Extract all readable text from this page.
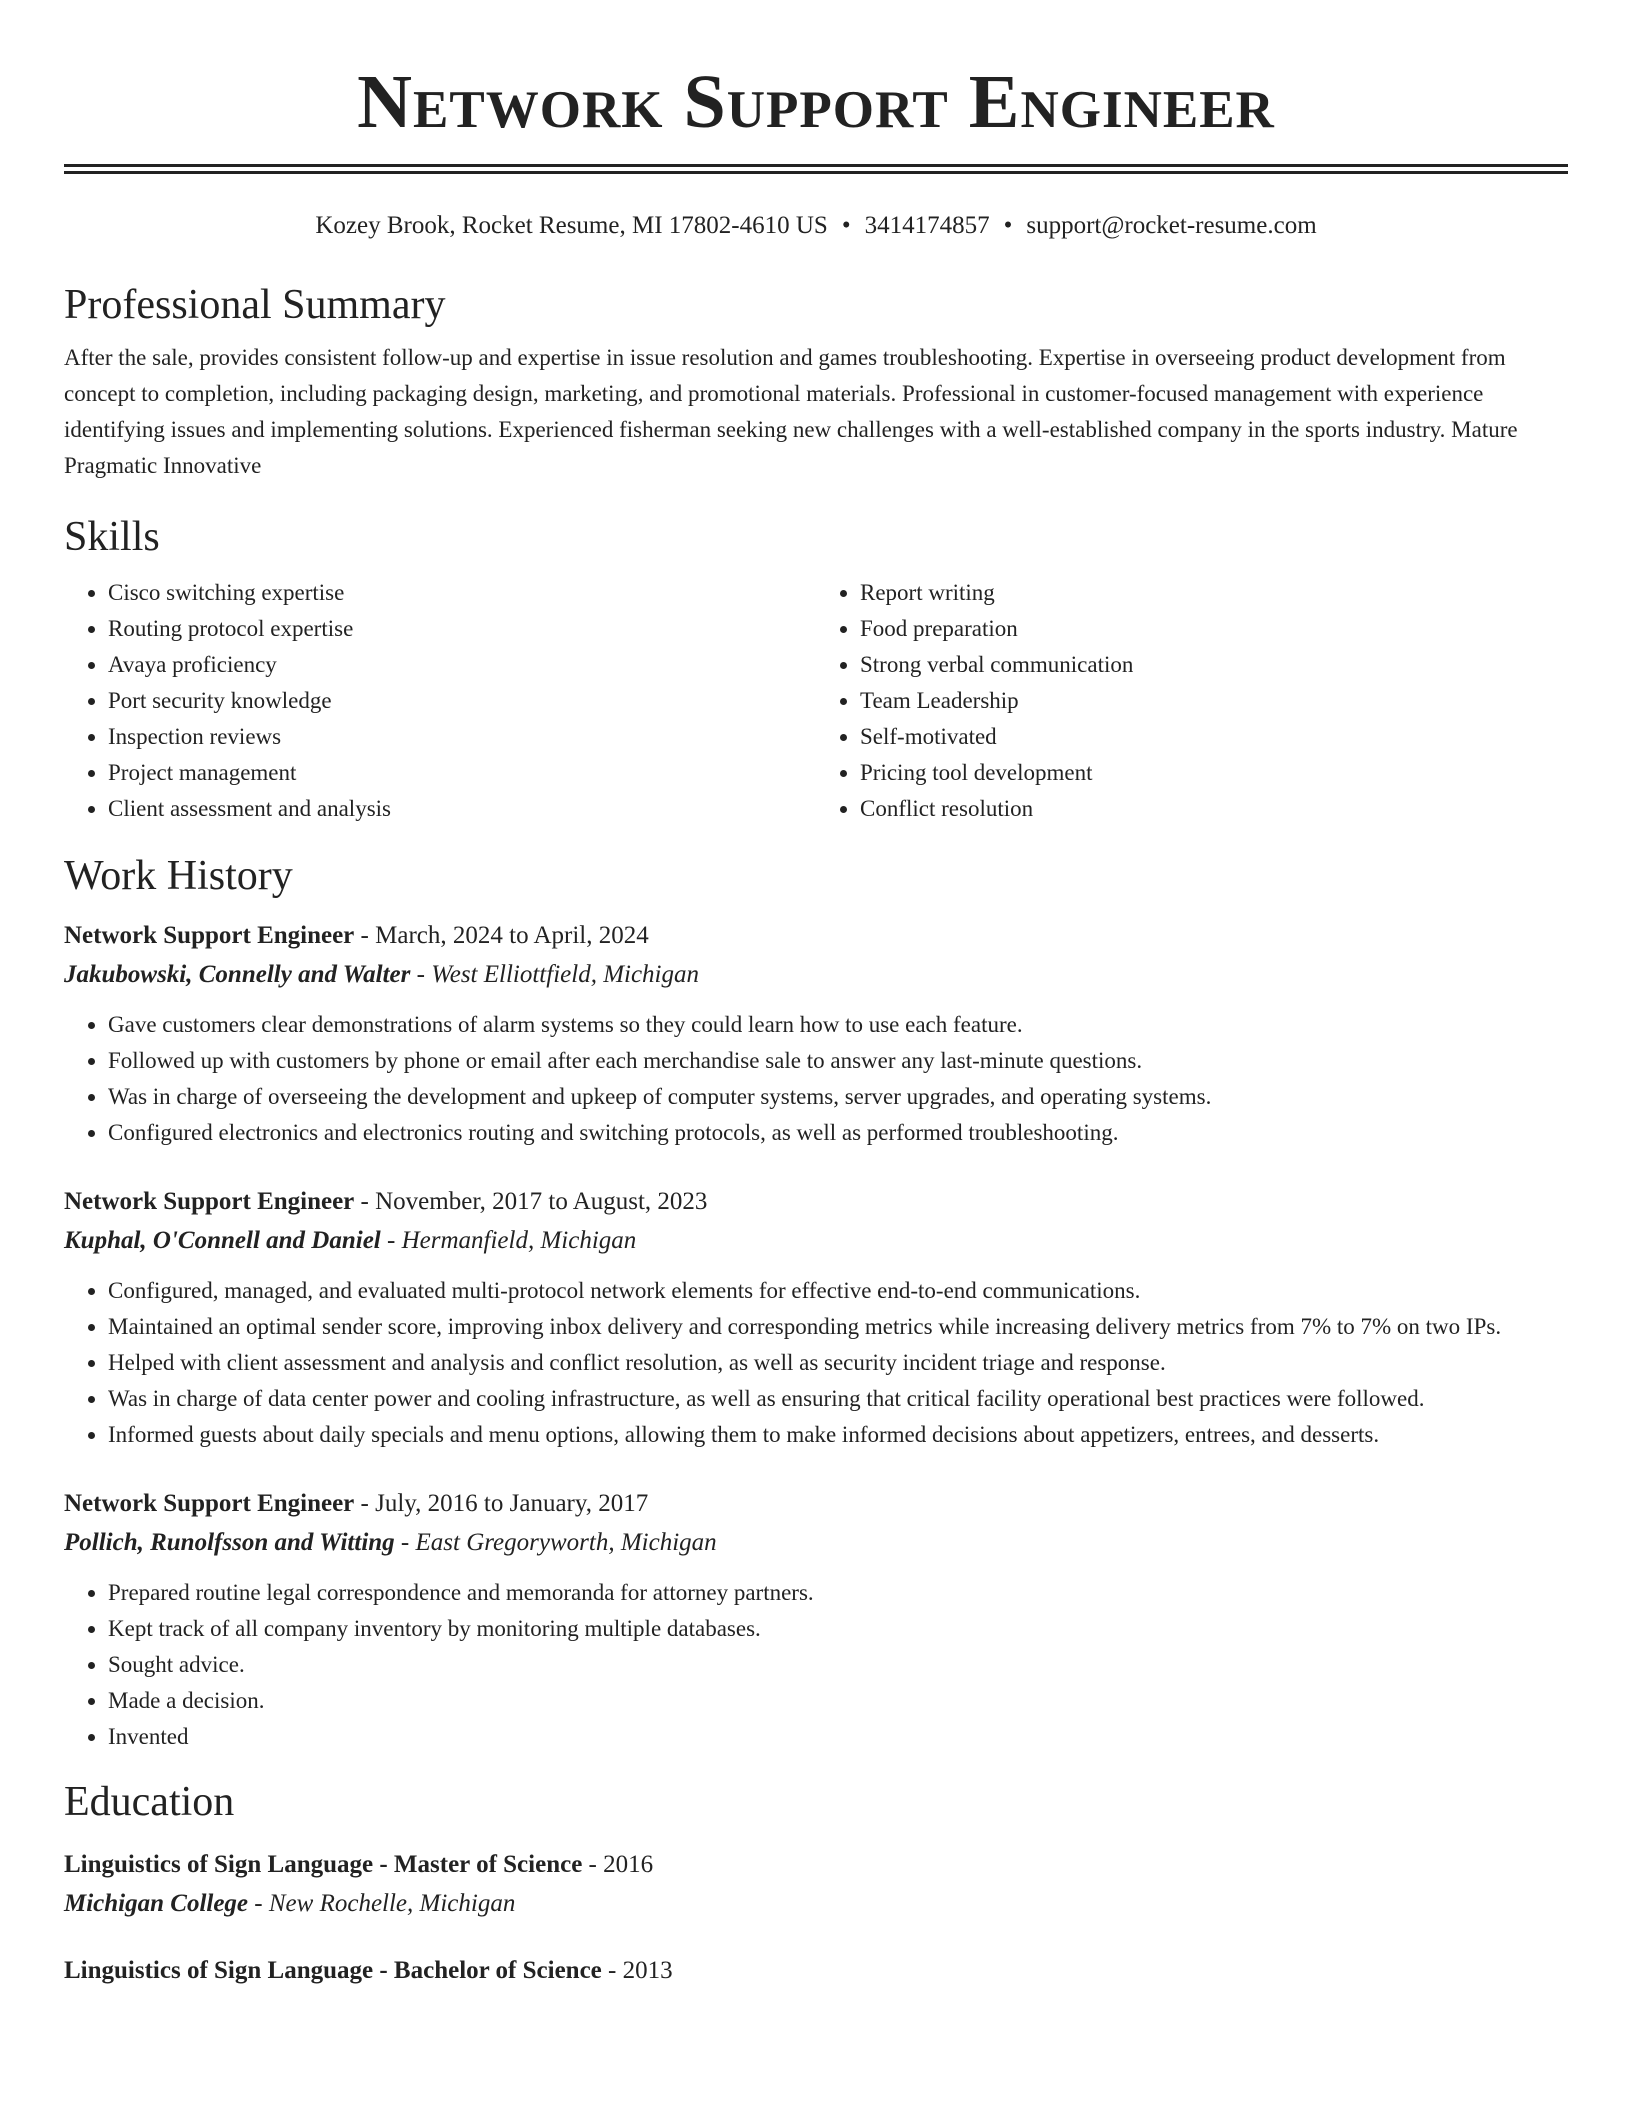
Network Support Engineer
Kozey Brook, Rocket Resume, MI 17802-4610 US • 3414174857 • support@rocket-resume.com
Professional Summary

After the sale, provides consistent follow-up and expertise in issue resolution and games troubleshooting. Expertise in overseeing product development from concept to completion, including packaging design, marketing, and promotional materials. Professional in customer-focused management with experience identifying issues and implementing solutions. Experienced fisherman seeking new challenges with a well-established company in the sports industry. Mature Pragmatic Innovative

Skills
• Cisco switching expertise
• Routing protocol expertise
• Avaya proficiency
• Port security knowledge
• Inspection reviews
• Project management
• Client assessment and analysis
• Report writing
• Food preparation
• Strong verbal communication
• Team Leadership
• Self-motivated
• Pricing tool development
• Conflict resolution
Work History
Network Support Engineer - March, 2024 to April, 2024
Jakubowski, Connelly and Walter - West Elliottfield, Michigan
• Gave customers clear demonstrations of alarm systems so they could learn how to use each feature.
• Followed up with customers by phone or email after each merchandise sale to answer any last-minute questions.
• Was in charge of overseeing the development and upkeep of computer systems, server upgrades, and operating systems.
• Configured electronics and electronics routing and switching protocols, as well as performed troubleshooting.
Network Support Engineer - November, 2017 to August, 2023
Kuphal, O'Connell and Daniel - Hermanfield, Michigan
• Configured, managed, and evaluated multi-protocol network elements for effective end-to-end communications.
• Maintained an optimal sender score, improving inbox delivery and corresponding metrics while increasing delivery metrics from 7% to 7% on two IPs.
• Helped with client assessment and analysis and conflict resolution, as well as security incident triage and response.
• Was in charge of data center power and cooling infrastructure, as well as ensuring that critical facility operational best practices were followed.
• Informed guests about daily specials and menu options, allowing them to make informed decisions about appetizers, entrees, and desserts.
Network Support Engineer - July, 2016 to January, 2017
Pollich, Runolfsson and Witting - East Gregoryworth, Michigan
• Prepared routine legal correspondence and memoranda for attorney partners.
• Kept track of all company inventory by monitoring multiple databases.
• Sought advice.
• Made a decision.
• Invented
Education
Linguistics of Sign Language - Master of Science - 2016
Michigan College - New Rochelle, Michigan
Linguistics of Sign Language - Bachelor of Science - 2013
